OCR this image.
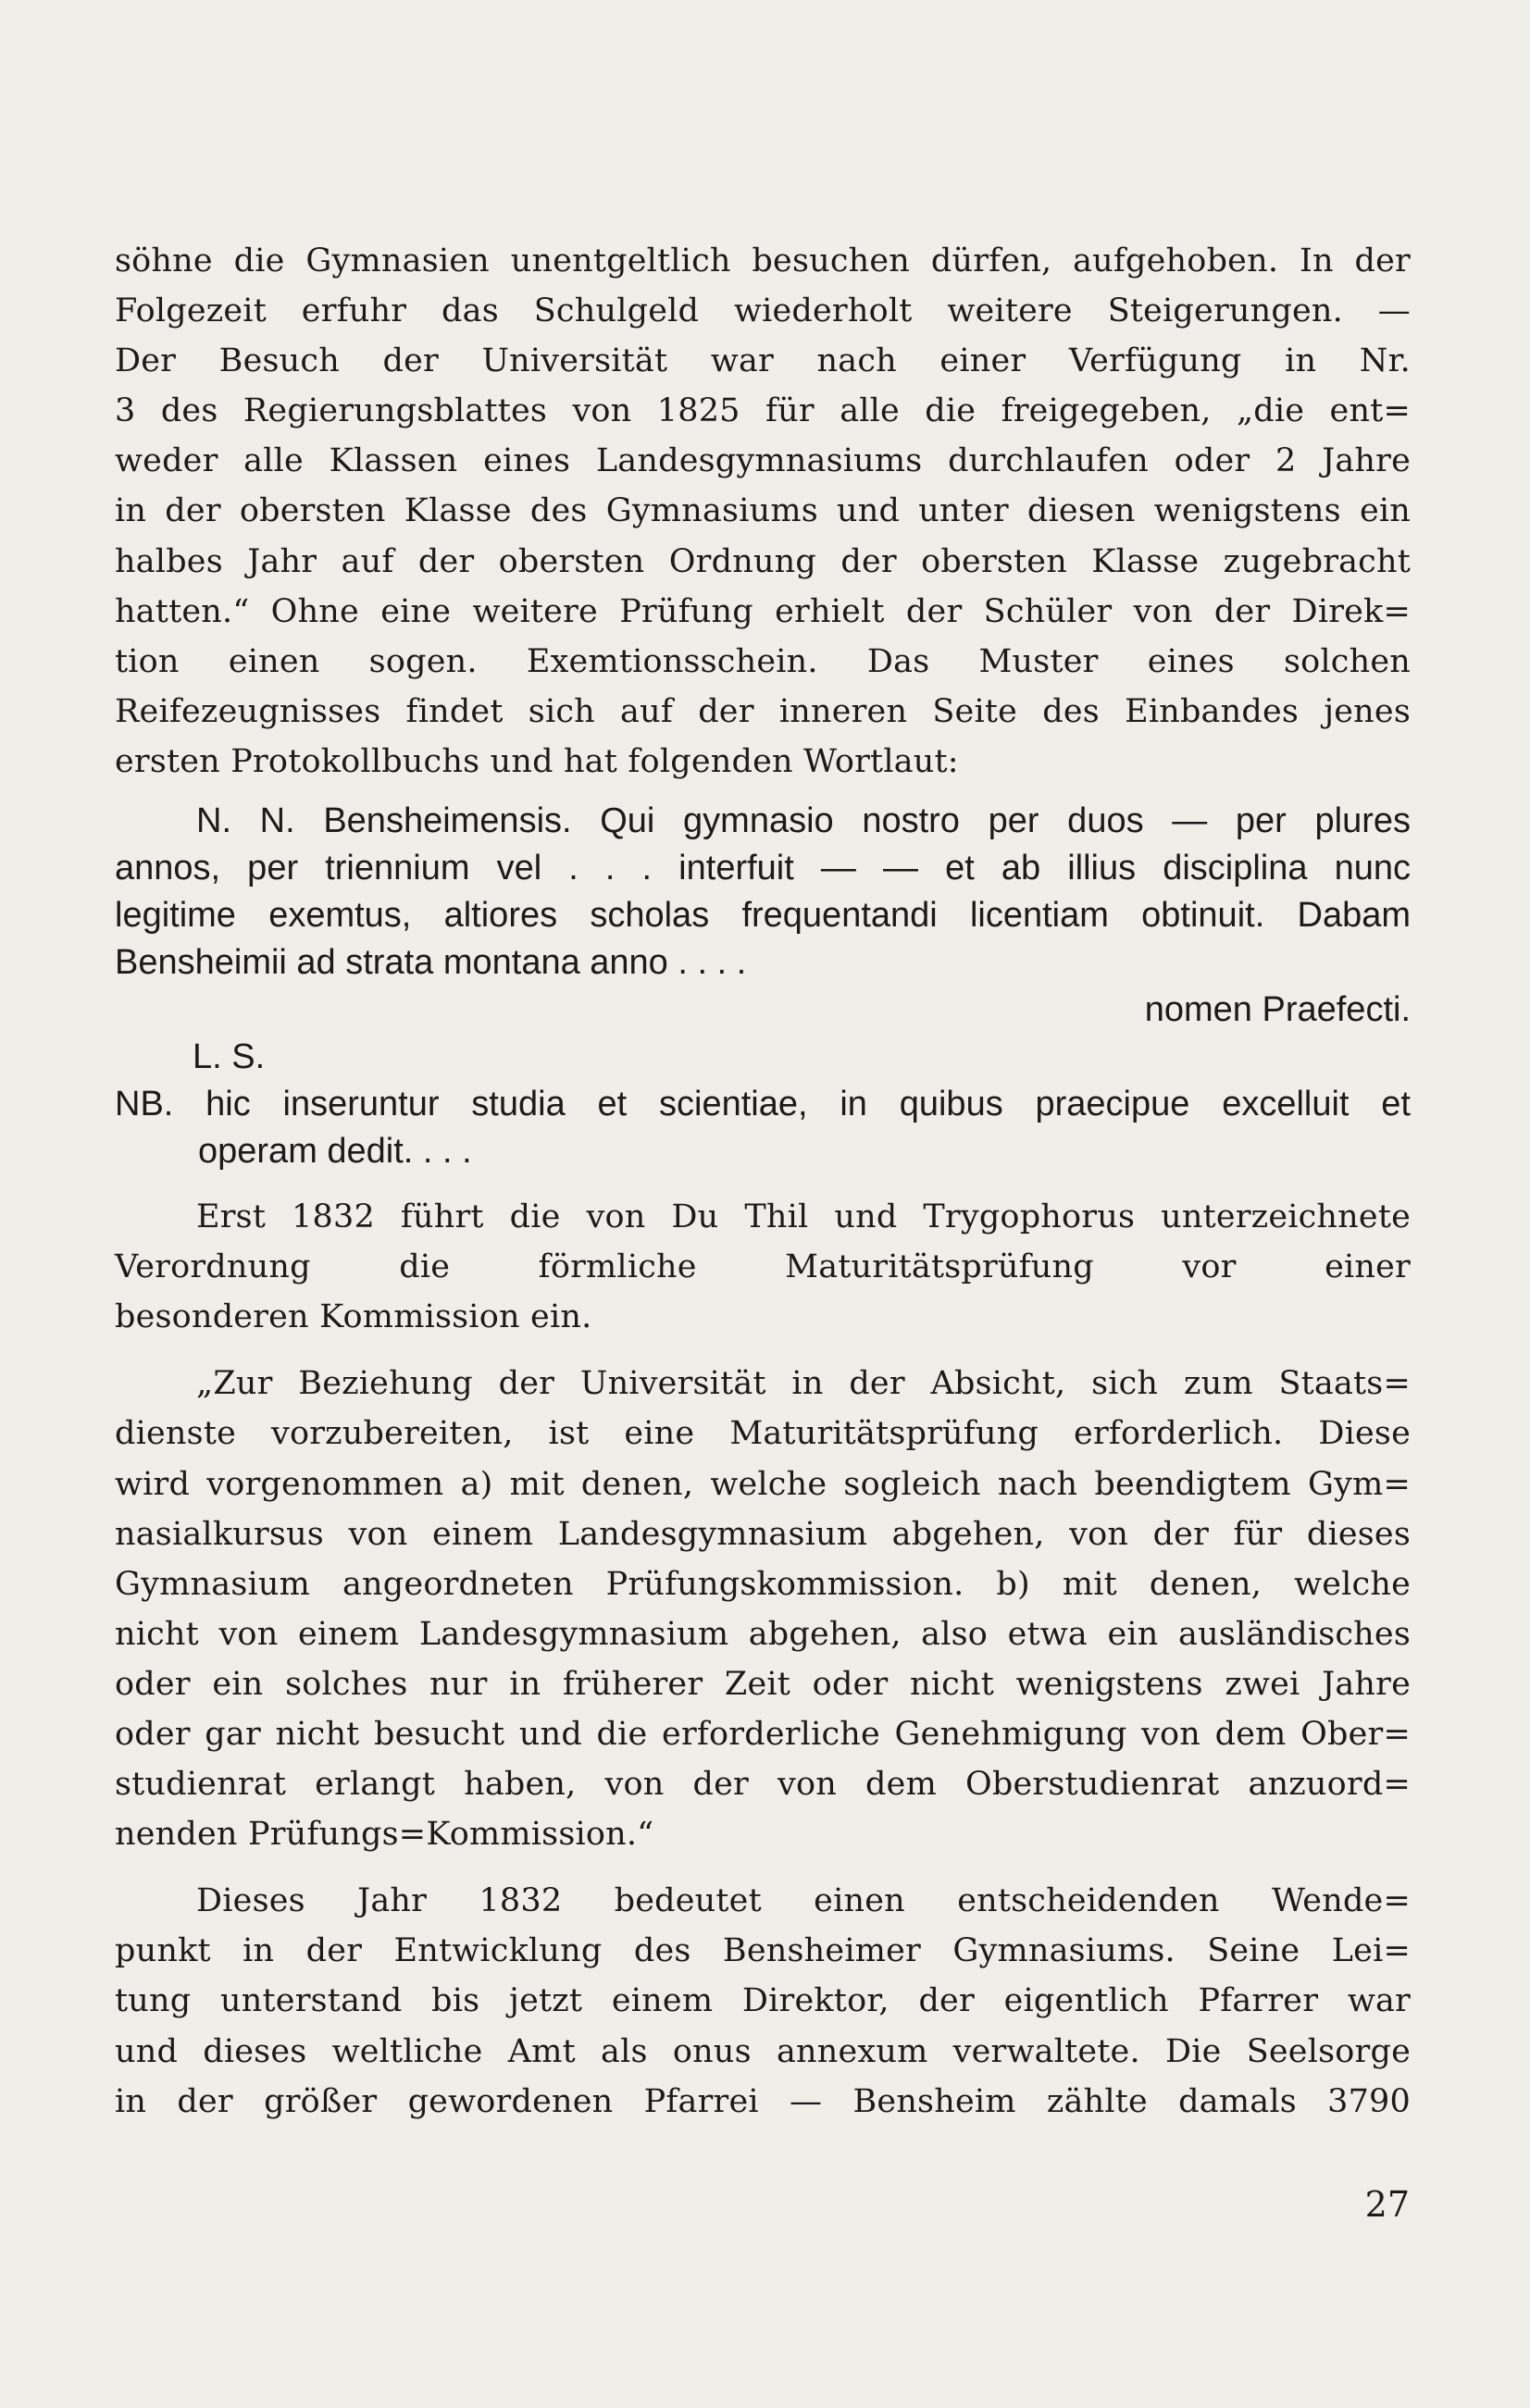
söhne die Gymnasien unentgeltlich besuchen dürfen, aufgehoben. In der
Folgezeit erfuhr das Schulgeld wiederholt weitere Steigerungen. —
Der Besuch der Universität war nach einer Verfügung in Nr.
3 des Regierungsblattes von 1825 für alle die freigegeben, „die ent=
weder alle Klassen eines Landesgymnasiums durchlaufen oder 2 Jahre
in der obersten Klasse des Gymnasiums und unter diesen wenigstens ein
halbes Jahr auf der obersten Ordnung der obersten Klasse zugebracht
hatten.“ Ohne eine weitere Prüfung erhielt der Schüler von der Direk=
tion einen sogen. Exemtionsschein. Das Muster eines solchen
Reifezeugnisses findet sich auf der inneren Seite des Einbandes jenes
ersten Protokollbuchs und hat folgenden Wortlaut:
N. N. Bensheimensis. Qui gymnasio nostro per duos — per plures
annos, per triennium vel . . . interfuit — — et ab illius disciplina nunc
legitime exemtus, altiores scholas frequentandi licentiam obtinuit. Dabam
Bensheimii ad strata montana anno . . . .
nomen Praefecti.
L. S.
NB. hic inseruntur studia et scientiae, in quibus praecipue excelluit et
operam dedit. . . .
Erst 1832 führt die von Du Thil und Trygophorus unterzeichnete
Verordnung die förmliche Maturitätsprüfung vor einer
besonderen Kommission ein.
„Zur Beziehung der Universität in der Absicht, sich zum Staats=
dienste vorzubereiten, ist eine Maturitätsprüfung erforderlich. Diese
wird vorgenommen a) mit denen, welche sogleich nach beendigtem Gym=
nasialkursus von einem Landesgymnasium abgehen, von der für dieses
Gymnasium angeordneten Prüfungskommission. b) mit denen, welche
nicht von einem Landesgymnasium abgehen, also etwa ein ausländisches
oder ein solches nur in früherer Zeit oder nicht wenigstens zwei Jahre
oder gar nicht besucht und die erforderliche Genehmigung von dem Ober=
studienrat erlangt haben, von der von dem Oberstudienrat anzuord=
nenden Prüfungs=Kommission.“
Dieses Jahr 1832 bedeutet einen entscheidenden Wende=
punkt in der Entwicklung des Bensheimer Gymnasiums. Seine Lei=
tung unterstand bis jetzt einem Direktor, der eigentlich Pfarrer war
und dieses weltliche Amt als onus annexum verwaltete. Die Seelsorge
in der größer gewordenen Pfarrei — Bensheim zählte damals 3790
27
